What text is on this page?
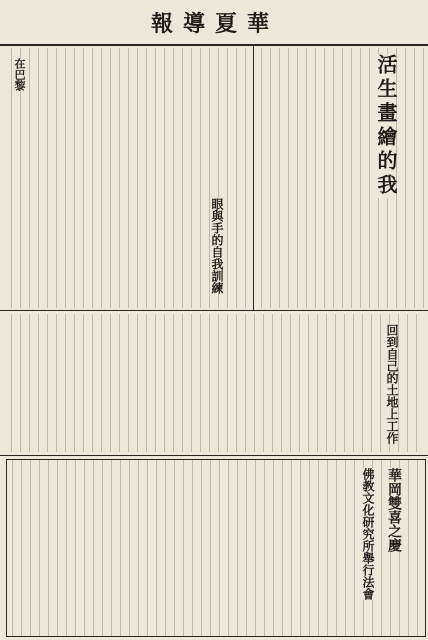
報導夏華
活生畫繪的我
眼與手的自我訓練
在巴黎
回到自己的土地上工作
華岡雙喜之慶
佛教文化研究所舉行法會
